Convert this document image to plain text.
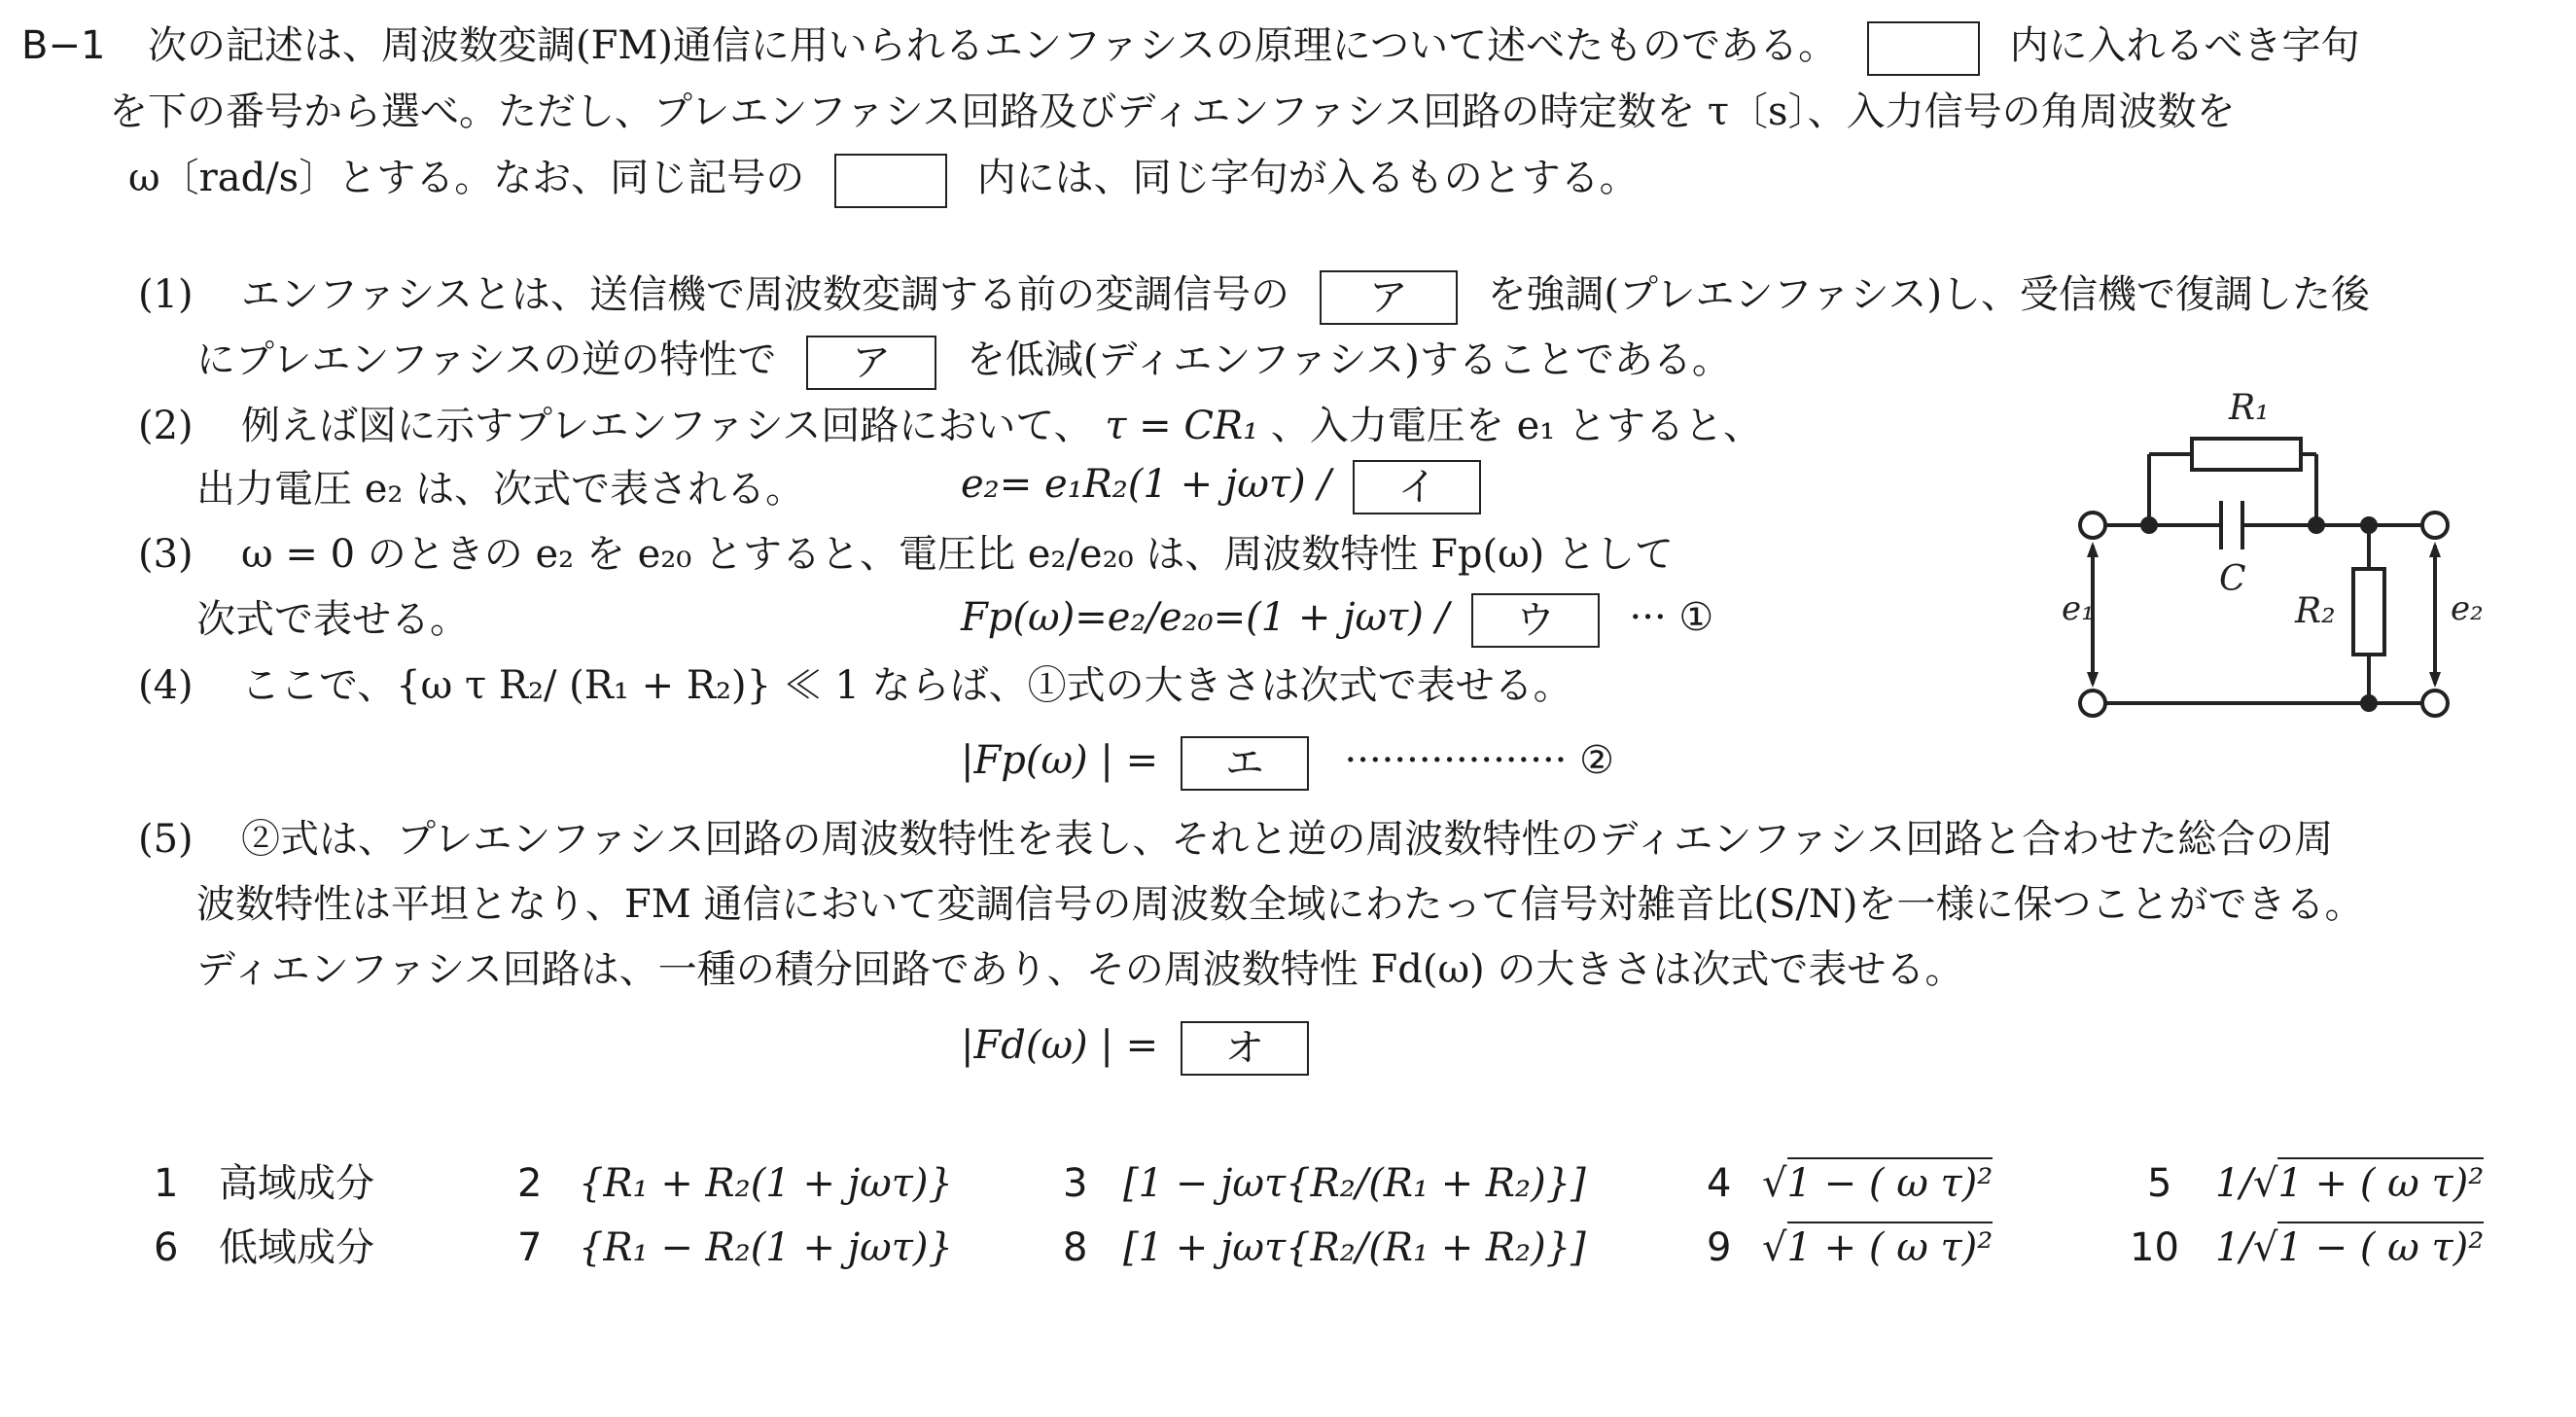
B−1 次の記述は、周波数変調(FM)通信に用いられるエンファシスの原理について述べたものである。	内に入れるべき字句
を下の番号から選べ。ただし、プレエンファシス回路及びディエンファシス回路の時定数を τ〔s〕、入力信号の角周波数を
ω〔rad/s〕とする。なお、同じ記号の	内には、同じ字句が入るものとする。
(1) エンファシスとは、送信機で周波数変調する前の変調信号の ア を強調(プレエンファシス)し、受信機で復調した後
にプレエンファシスの逆の特性で ア を低減(ディエンファシス)することである。
(2) 例えば図に示すプレエンファシス回路において、 τ = CR₁ 、入力電圧を e₁ とすると、
出力電圧 e₂ は、次式で表される。	e₂= e₁R₂(1 + jωτ) / イ
(3) ω = 0 のときの e₂ を e₂₀ とすると、電圧比 e₂/e₂₀ は、周波数特性 Fp(ω) として
次式で表せる。	Fp(ω)=e₂/e₂₀=(1 + jωτ) / ウ ··· ①
(4) ここで、{ω τ R₂/ (R₁ + R₂)} ≪ 1 ならば、①式の大きさは次式で表せる。
|Fp(ω) | = エ ·················· ②
(5) ②式は、プレエンファシス回路の周波数特性を表し、それと逆の周波数特性のディエンファシス回路と合わせた総合の周
波数特性は平坦となり、FM 通信において変調信号の周波数全域にわたって信号対雑音比(S/N)を一様に保つことができる。
ディエンファシス回路は、一種の積分回路であり、その周波数特性 Fd(ω) の大きさは次式で表せる。
|Fd(ω) | = オ
R₁
C
R₂
e₁	e₂
1 高域成分	2 {R₁ + R₂(1 + jωτ)}	3 [1 − jωτ{R₂/(R₁ + R₂)}]	4 √1 − ( ω τ)²	5 1/√1 + ( ω τ)²
6 低域成分	7 {R₁ − R₂(1 + jωτ)}	8 [1 + jωτ{R₂/(R₁ + R₂)}]	9 √1 + ( ω τ)²	10 1/√1 − ( ω τ)²
